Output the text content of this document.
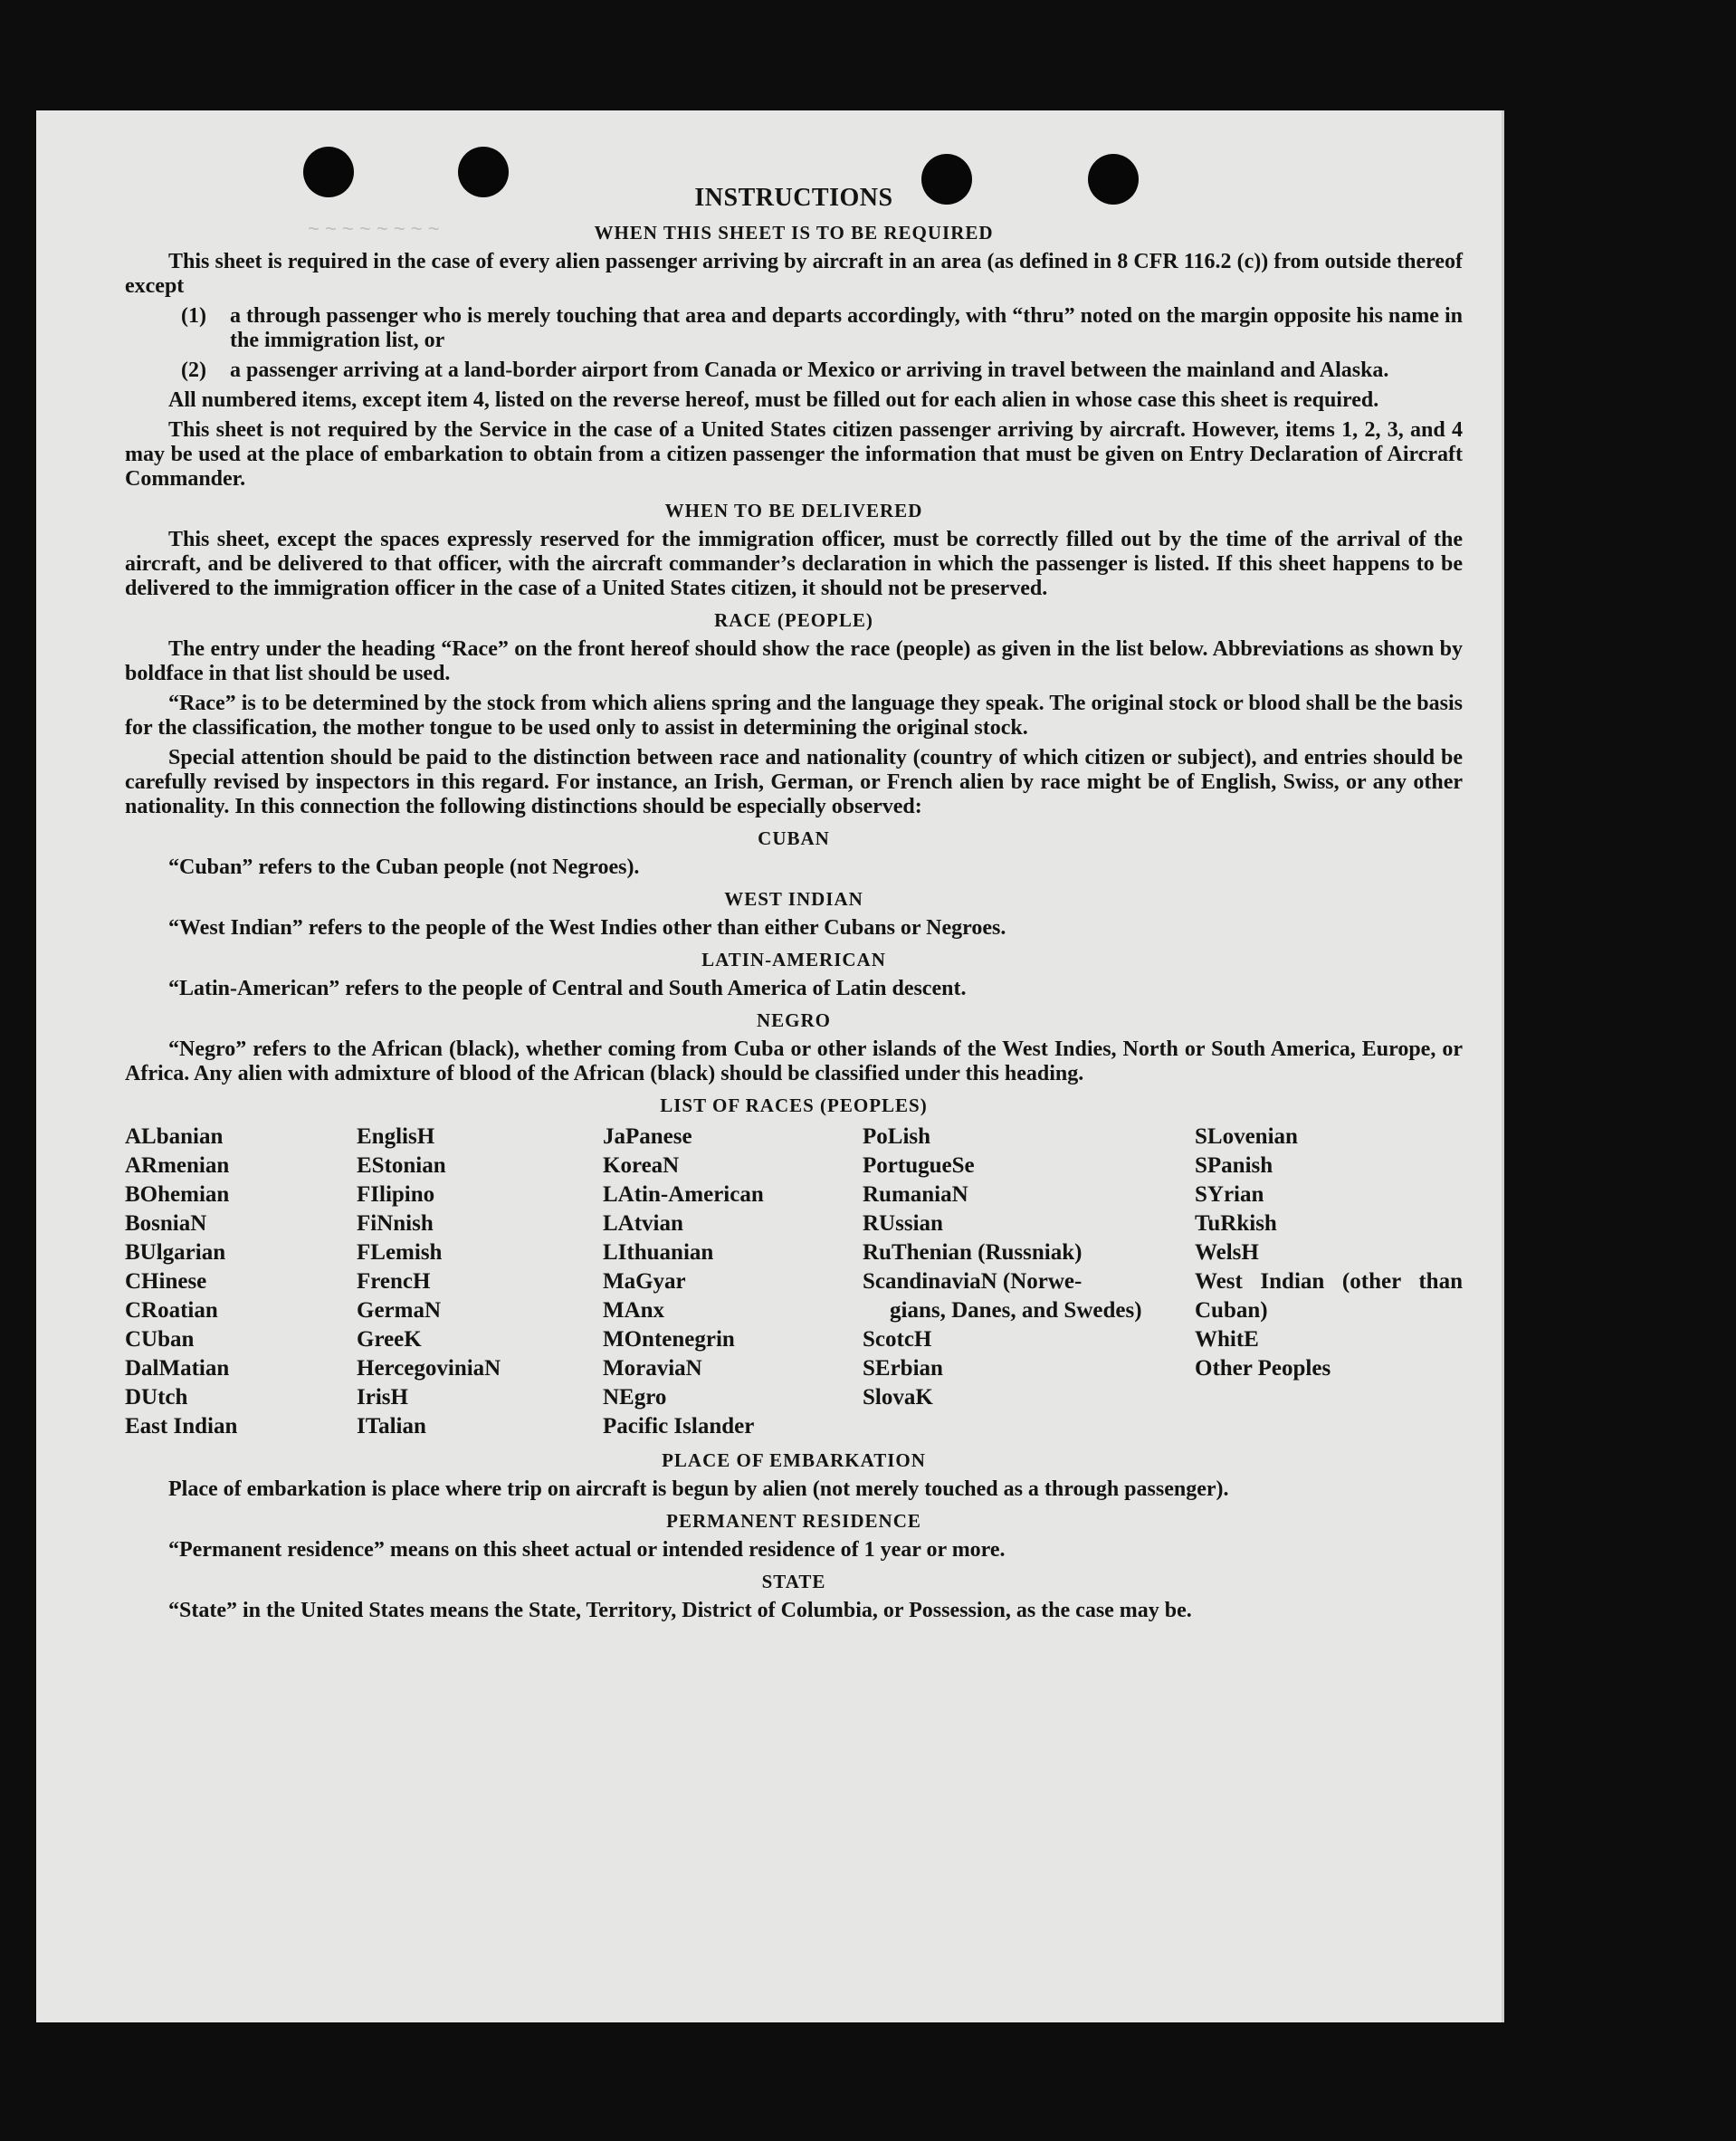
~ ~ ~ ~ ~ ~ ~ ~
INSTRUCTIONS
WHEN THIS SHEET IS TO BE REQUIRED

This sheet is required in the case of every alien passenger arriving by aircraft in an area (as defined in 8 CFR 116.2 (c)) from outside thereof except

(1)	a through passenger who is merely touching that area and departs accordingly, with “thru” noted on the margin opposite his name in the immigration list, or
(2)	a passenger arriving at a land-border airport from Canada or Mexico or arriving in travel between the mainland and Alaska.

All numbered items, except item 4, listed on the reverse hereof, must be filled out for each alien in whose case this sheet is required.

This sheet is not required by the Service in the case of a United States citizen passenger arriving by aircraft. However, items 1, 2, 3, and 4 may be used at the place of embarkation to obtain from a citizen passenger the information that must be given on Entry Declaration of Aircraft Commander.

WHEN TO BE DELIVERED

This sheet, except the spaces expressly reserved for the immigration officer, must be correctly filled out by the time of the arrival of the aircraft, and be delivered to that officer, with the aircraft commander’s declaration in which the passenger is listed. If this sheet happens to be delivered to the immigration officer in the case of a United States citizen, it should not be preserved.

RACE (PEOPLE)

The entry under the heading “Race” on the front hereof should show the race (people) as given in the list below. Abbreviations as shown by boldface in that list should be used.

“Race” is to be determined by the stock from which aliens spring and the language they speak. The original stock or blood shall be the basis for the classification, the mother tongue to be used only to assist in determining the original stock.

Special attention should be paid to the distinction between race and nationality (country of which citizen or subject), and entries should be carefully revised by inspectors in this regard. For instance, an Irish, German, or French alien by race might be of English, Swiss, or any other nationality. In this connection the following distinctions should be especially observed:

CUBAN

“Cuban” refers to the Cuban people (not Negroes).

WEST INDIAN

“West Indian” refers to the people of the West Indies other than either Cubans or Negroes.

LATIN-AMERICAN

“Latin-American” refers to the people of Central and South America of Latin descent.

NEGRO

“Negro” refers to the African (black), whether coming from Cuba or other islands of the West Indies, North or South America, Europe, or Africa. Any alien with admixture of blood of the African (black) should be classified under this heading.

LIST OF RACES (PEOPLES)
ALbanian
ARmenian
BOhemian
BosniaN
BUlgarian
CHinese
CRoatian
CUban
DalMatian
DUtch
East Indian
EnglisH
EStonian
FIlipino
FiNnish
FLemish
FrencH
GermaN
GreeK
HercegoviniaN
IrisH
ITalian
JaPanese
KoreaN
LAtin-American
LAtvian
LIthuanian
MaGyar
MAnx
MOntenegrin
MoraviaN
NEgro
Pacific Islander
PoLish
PortugueSe
RumaniaN
RUssian
RuThenian (Russniak)
ScandinaviaN (Norwe-
gians, Danes, and Swedes)
ScotcH
SErbian
SlovaK
SLovenian
SPanish
SYrian
TuRkish
WelsH
West Indian (other than Cuban)
WhitE
Other Peoples
PLACE OF EMBARKATION

Place of embarkation is place where trip on aircraft is begun by alien (not merely touched as a through passenger).

PERMANENT RESIDENCE

“Permanent residence” means on this sheet actual or intended residence of 1 year or more.

STATE

“State” in the United States means the State, Territory, District of Columbia, or Possession, as the case may be.
